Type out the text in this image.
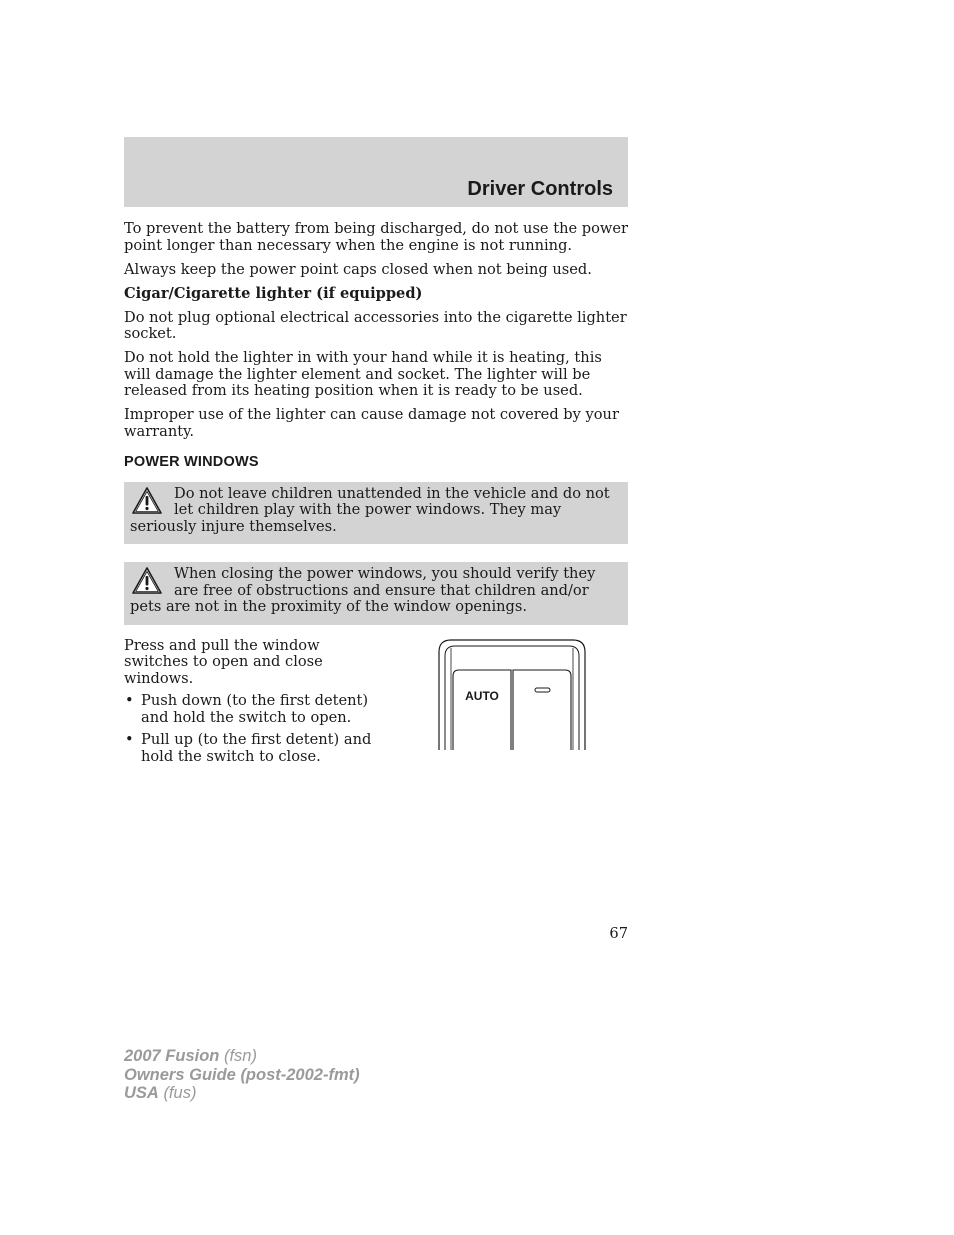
Driver Controls

To prevent the battery from being discharged, do not use the power point longer than necessary when the engine is not running.

Always keep the power point caps closed when not being used.

Cigar/Cigarette lighter (if equipped)

Do not plug optional electrical accessories into the cigarette lighter socket.

Do not hold the lighter in with your hand while it is heating, this will damage the lighter element and socket. The lighter will be released from its heating position when it is ready to be used.

Improper use of the lighter can cause damage not covered by your warranty.

POWER WINDOWS

Do not leave children unattended in the vehicle and do not let children play with the power windows. They may seriously injure themselves.

When closing the power windows, you should verify they are free of obstructions and ensure that children and/or pets are not in the proximity of the window openings.

Press and pull the window switches to open and close windows.

• Push down (to the first detent) and hold the switch to open.
• Pull up (to the first detent) and hold the switch to close.
AUTO
67
2007 Fusion (fsn)
Owners Guide (post-2002-fmt)
USA (fus)
